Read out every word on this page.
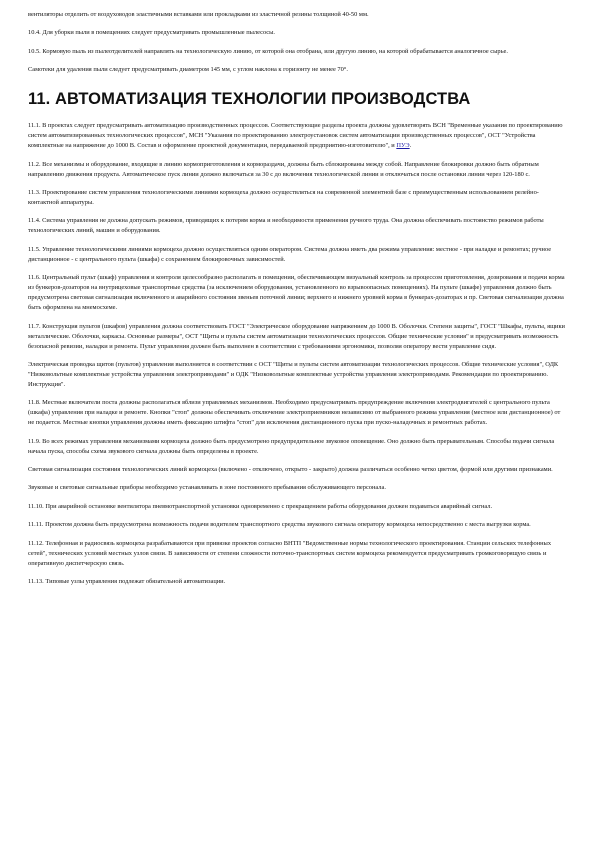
вентиляторы отделить от воздуховодов эластичными вставками или прокладками из эластичной резины толщиной 40-50 мм.

10.4. Для уборки пыли в помещениях следует предусматривать промышленные пылесосы.

10.5. Кормовую пыль из пылеотделителей направлять на технологическую линию, от которой она отобрана, или другую линию, на которой обрабатывается аналогичное сырье.

Самотеки для удаления пыли следует предусматривать диаметром 145 мм, с углом наклона к горизонту не менее 70°.

11. АВТОМАТИЗАЦИЯ ТЕХНОЛОГИИ ПРОИЗВОДСТВА

11.1. В проектах следует предусматривать автоматизацию производственных процессов. Соответствующие разделы проекта должны удовлетворять ВСН "Временные указания по проектированию систем автоматизированных технологических процессов", МСН "Указания по проектированию электроустановок систем автоматизации производственных процессов", ОСТ "Устройства комплектные на напряжение до 1000 В. Состав и оформление проектной документации, передаваемой предприятию-изготовителю", и ПУЭ.

11.2. Все механизмы и оборудование, входящие в линию кормоприготовления и кормораздачи, должны быть сблокированы между собой. Направление блокировки должно быть обратным направлению движения продукта. Автоматическое пуск линии должно включаться за 30 с до включения технологической линии и отключаться после остановки линии через 120-180 с.

11.3. Проектирование систем управления технологическими линиями кормоцеха должно осуществляться на современной элементной базе с преимущественным использованием релейно-контактной аппаратуры.

11.4. Система управления не должна допускать режимов, приводящих к потерям корма и необходимости применения ручного труда. Она должна обеспечивать постоянство режимов работы технологических линий, машин и оборудования.

11.5. Управление технологическими линиями кормоцеха должно осуществляться одним оператором. Система должна иметь два режима управления: местное - при наладке и ремонтах; ручное дистанционное - с центрального пульта (шкафа) с сохранением блокировочных зависимостей.

11.6. Центральный пульт (шкаф) управления и контроля целесообразно располагать в помещении, обеспечивающем визуальный контроль за процессом приготовления, дозирования и подачи корма из бункеров-дозаторов на внутрицеховые транспортные средства (за исключением оборудования, установленного во взрывоопасных помещениях). На пульте (шкафе) управления должно быть предусмотрена световая сигнализация включенного и аварийного состояния звеньев поточной линии; верхнего и нижнего уровней корма в бункерах-дозаторах и пр. Световая сигнализация должна быть оформлена на мнемосхеме.

11.7. Конструкция пультов (шкафов) управления должна соответствовать ГОСТ "Электрическое оборудование напряжением до 1000 В. Оболочки. Степени защиты", ГОСТ "Шкафы, пульты, ящики металлические. Оболочки, каркасы. Основные размеры", ОСТ "Щиты и пульты систем автоматизации технологических процессов. Общие технические условия" и предусматривать возможность безопасной ревизии, наладки и ремонта. Пульт управления должен быть выполнен в соответствии с требованиями эргономики, позволяя оператору вести управление сидя.

Электрическая проводка щитов (пультов) управления выполняется в соответствии с ОСТ "Щиты и пульты систем автоматизации технологических процессов. Общие технические условия", ОДК "Низковольтные комплектные устройства управления электроприводами" и ОДК "Низковольтные комплектные устройства управления электроприводами. Рекомендации по проектированию. Инструкция".

11.8. Местные включатели поста должны располагаться вблизи управляемых механизмов. Необходимо предусматривать предупреждение включения электродвигателей с центрального пульта (шкафа) управления при наладке и ремонте. Кнопки "стоп" должны обеспечивать отключение электроприемников независимо от выбранного режима управления (местное или дистанционное) от не подается. Местные кнопки управления должны иметь фиксацию штифта "стоп" для исключения дистанционного пуска при пуско-наладочных и ремонтных работах.

11.9. Во всех режимах управления механизмами кормоцеха должно быть предусмотрено предупредительное звуковое оповещение. Оно должно быть прерывательным. Способы подачи сигнала начала пуска, способы схема звукового сигнала должны быть определены в проекте.

Световая сигнализация состояния технологических линий кормоцеха (включено - отключено, открыто - закрыто) должна различаться особенно четко цветом, формой или другими признаками.

Звуковые и световые сигнальные приборы необходимо устанавливать в зоне постоянного пребывания обслуживающего персонала.

11.10. При аварийной остановке вентилятора пневмотранспортной установки одновременно с прекращением работы оборудования должен подаваться аварийный сигнал.

11.11. Проектом должна быть предусмотрена возможность подачи водителем транспортного средства звукового сигнала оператору кормоцеха непосредственно с места выгрузки корма.

11.12. Телефонная и радиосвязь кормоцеха разрабатываются при привязке проектов согласно ВНТП "Ведомственные нормы технологического проектирования. Станции сельских телефонных сетей", технических условий местных узлов связи. В зависимости от степени сложности поточно-транспортных систем кормоцеха рекомендуется предусматривать громкоговорящую связь и оперативную диспетчерскую связь.

11.13. Типовые узлы управления подлежат обязательной автоматизации.
